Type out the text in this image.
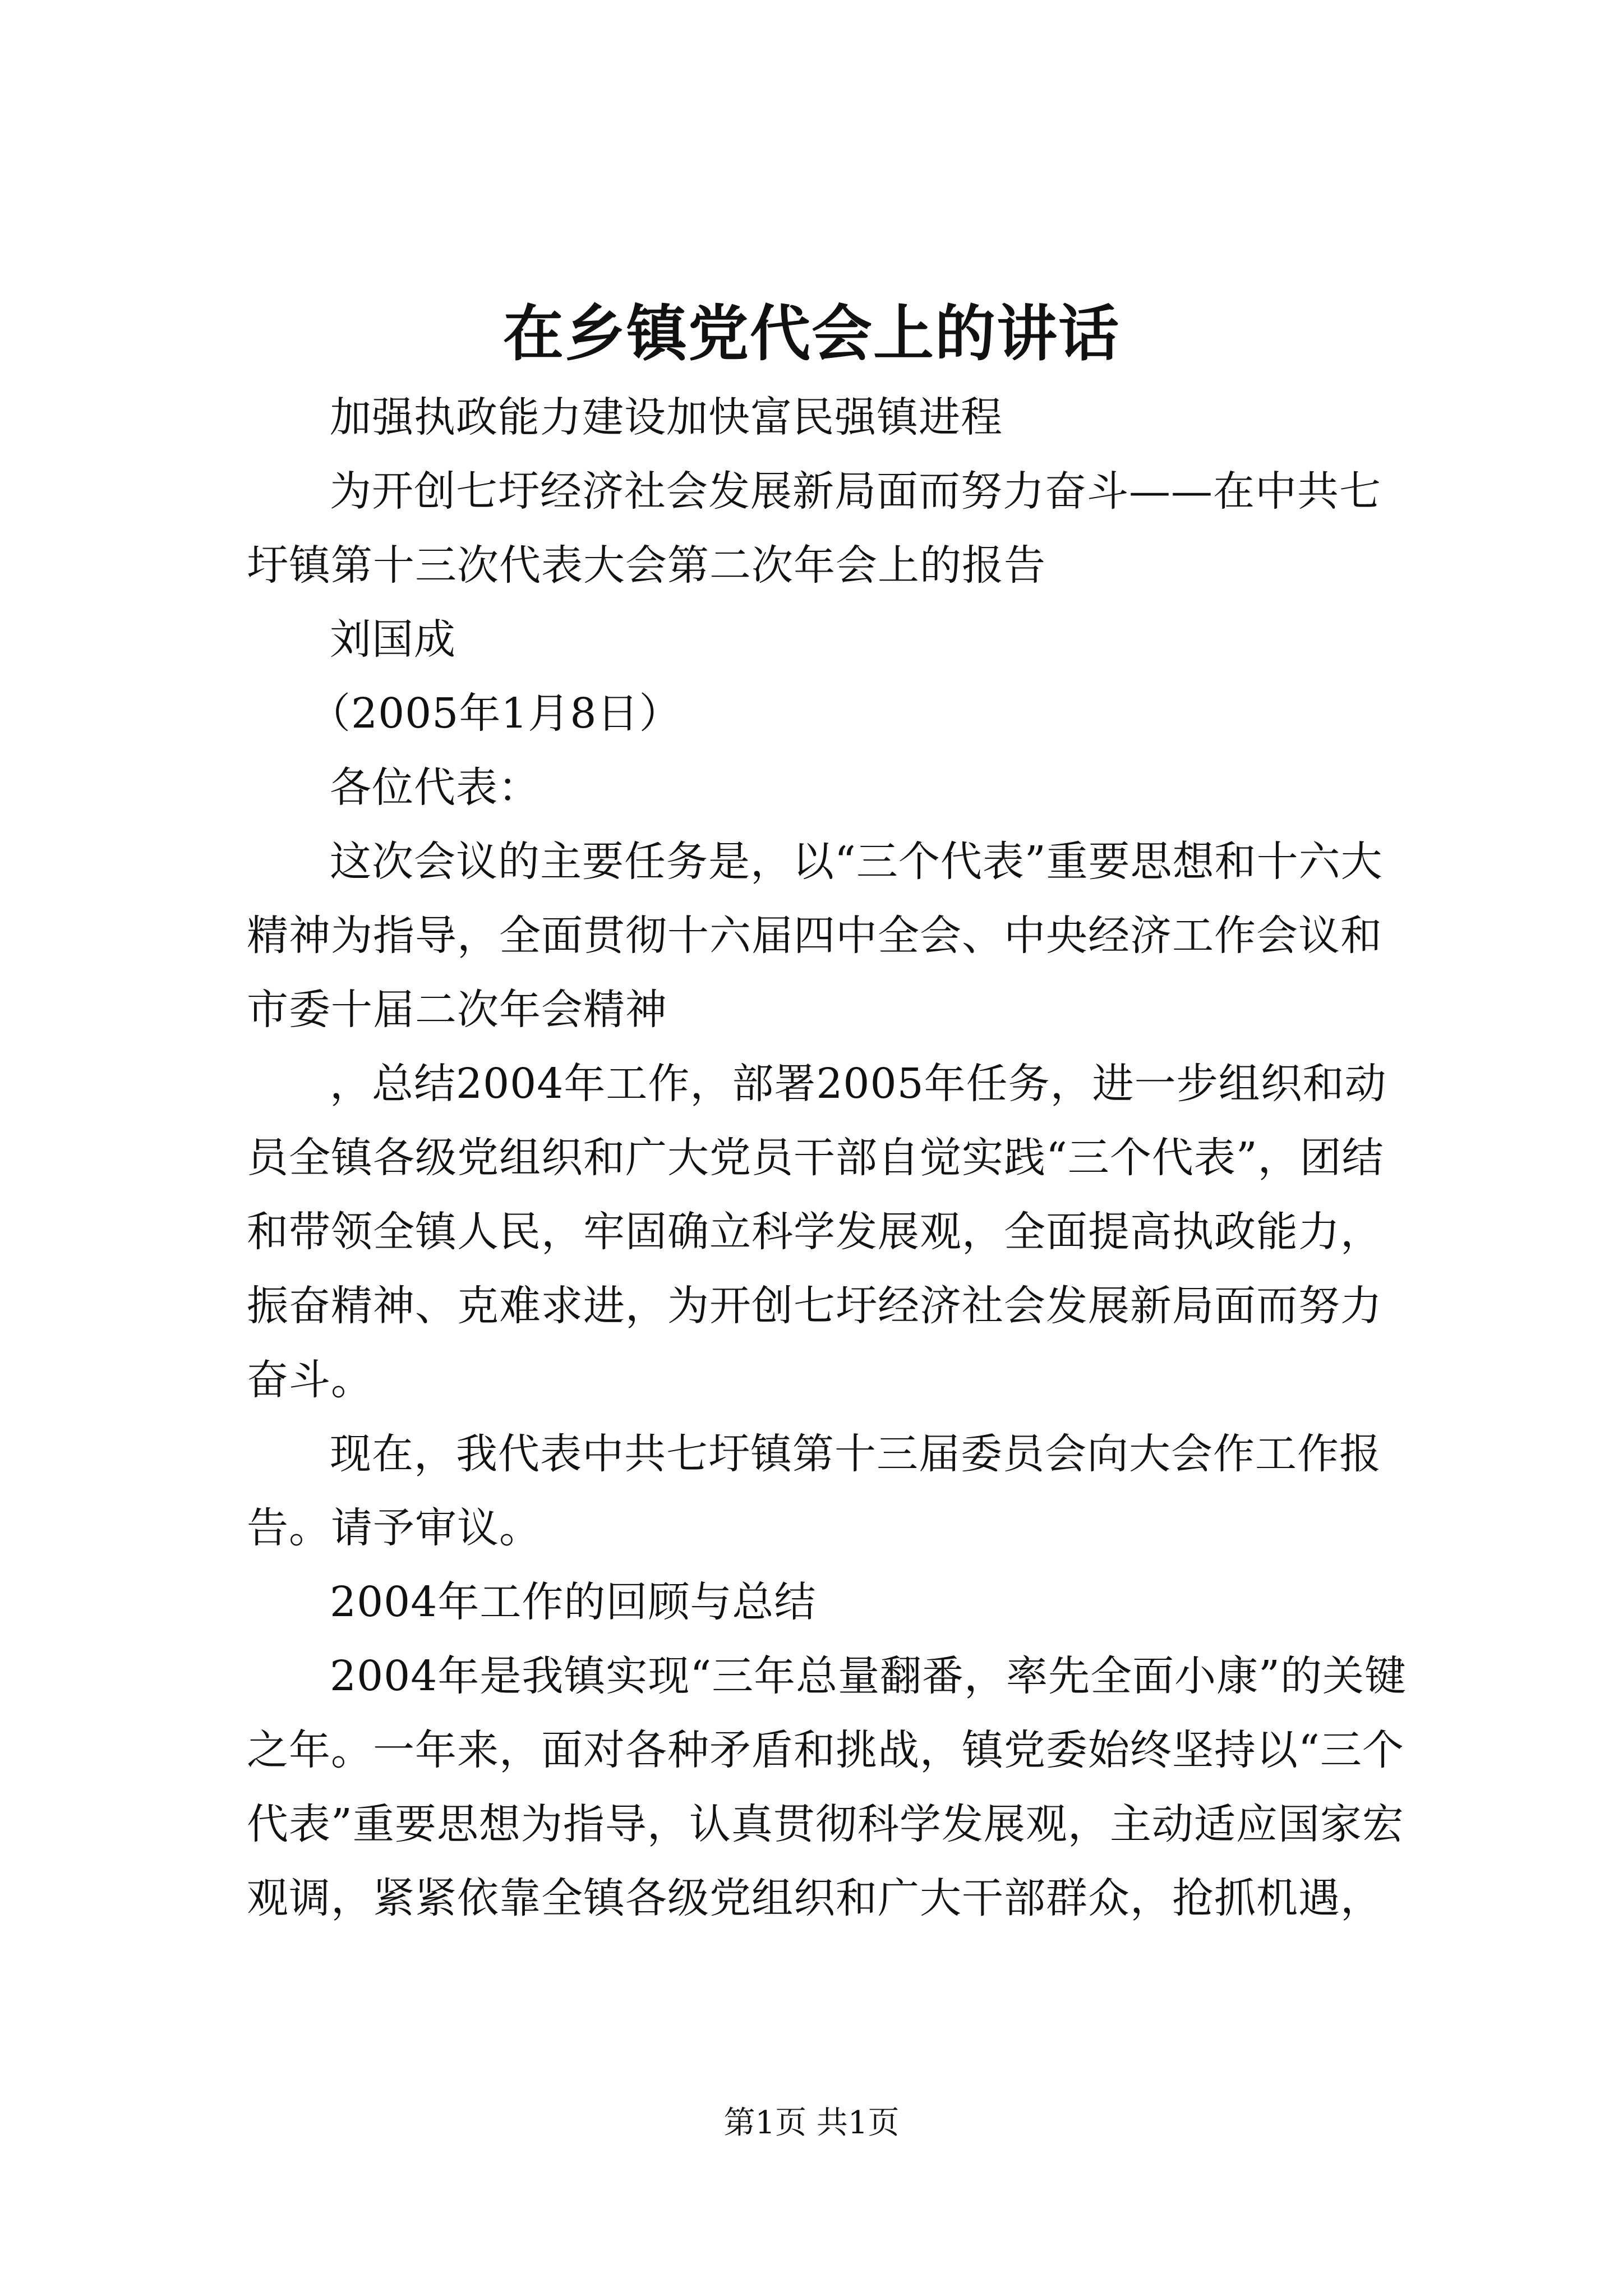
在乡镇党代会上的讲话

加强执政能力建设加快富民强镇进程

为开创七圩经济社会发展新局面而努力奋斗——在中共七圩镇第十三次代表大会第二次年会上的报告

刘国成

（2005年1月8日）

各位代表：

这次会议的主要任务是，以“三个代表”重要思想和十六大精神为指导，全面贯彻十六届四中全会、中央经济工作会议和市委十届二次年会精神

，总结2004年工作，部署2005年任务，进一步组织和动员全镇各级党组织和广大党员干部自觉实践“三个代表”，团结和带领全镇人民，牢固确立科学发展观，全面提高执政能力，振奋精神、克难求进，为开创七圩经济社会发展新局面而努力奋斗。

现在，我代表中共七圩镇第十三届委员会向大会作工作报告。请予审议。

2004年工作的回顾与总结

2004年是我镇实现“三年总量翻番，率先全面小康”的关键之年。一年来，面对各种矛盾和挑战，镇党委始终坚持以“三个代表”重要思想为指导，认真贯彻科学发展观，主动适应国家宏观调，紧紧依靠全镇各级党组织和广大干部群众，抢抓机遇，

第1页 共1页
